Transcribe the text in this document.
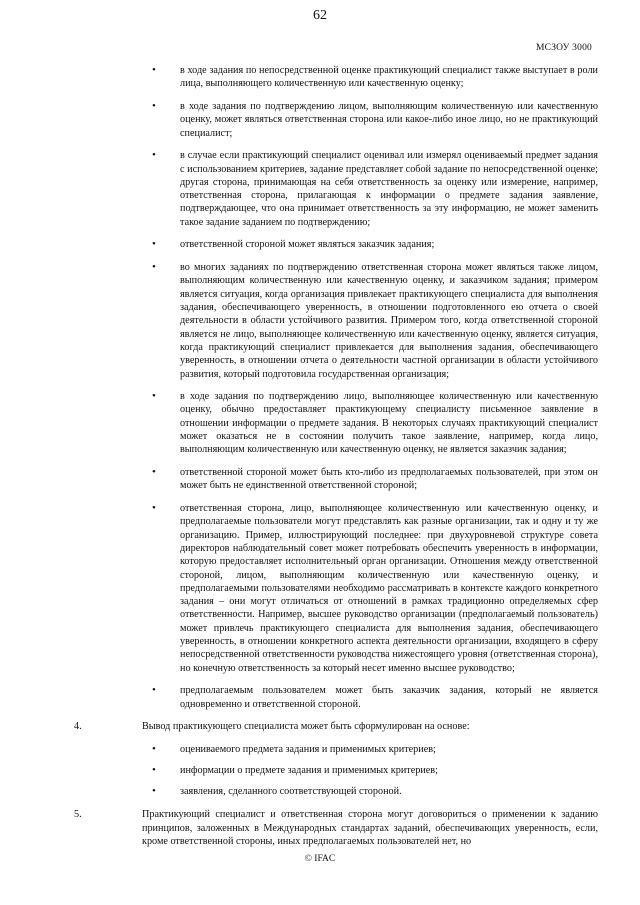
62
МСЗОУ 3000
• в ходе задания по непосредственной оценке практикующий специалист также выступает в роли лица, выполняющего количественную или качественную оценку;
• в ходе задания по подтверждению лицом, выполняющим количественную или качественную оценку, может являться ответственная сторона или какое-либо иное лицо, но не практикующий специалист;
• в случае если практикующий специалист оценивал или измерял оцениваемый предмет задания с использованием критериев, задание представляет собой задание по непосредственной оценке; другая сторона, принимающая на себя ответственность за оценку или измерение, например, ответственная сторона, прилагающая к информации о предмете задания заявление, подтверждающее, что она принимает ответственность за эту информацию, не может заменить такое задание заданием по подтверждению;
• ответственной стороной может являться заказчик задания;
• во многих заданиях по подтверждению ответственная сторона может являться также лицом, выполняющим количественную или качественную оценку, и заказчиком задания; примером является ситуация, когда организация привлекает практикующего специалиста для выполнения задания, обеспечивающего уверенность, в отношении подготовленного ею отчета о своей деятельности в области устойчивого развития. Примером того, когда ответственной стороной является не лицо, выполняющее количественную или качественную оценку, является ситуация, когда практикующий специалист привлекается для выполнения задания, обеспечивающего уверенность, в отношении отчета о деятельности частной организации в области устойчивого развития, который подготовила государственная организация;
• в ходе задания по подтверждению лицо, выполняющее количественную или качественную оценку, обычно предоставляет практикующему специалисту письменное заявление в отношении информации о предмете задания. В некоторых случаях практикующий специалист может оказаться не в состоянии получить такое заявление, например, когда лицо, выполняющим количественную или качественную оценку, не является заказчик задания;
• ответственной стороной может быть кто-либо из предполагаемых пользователей, при этом он может быть не единственной ответственной стороной;
• ответственная сторона, лицо, выполняющее количественную или качественную оценку, и предполагаемые пользователи могут представлять как разные организации, так и одну и ту же организацию. Пример, иллюстрирующий последнее: при двухуровневой структуре совета директоров наблюдательный совет может потребовать обеспечить уверенность в информации, которую предоставляет исполнительный орган организации. Отношения между ответственной стороной, лицом, выполняющим количественную или качественную оценку, и предполагаемыми пользователями необходимо рассматривать в контексте каждого конкретного задания – они могут отличаться от отношений в рамках традиционно определяемых сфер ответственности. Например, высшее руководство организации (предполагаемый пользователь) может привлечь практикующего специалиста для выполнения задания, обеспечивающего уверенность, в отношении конкретного аспекта деятельности организации, входящего в сферу непосредственной ответственности руководства нижестоящего уровня (ответственная сторона), но конечную ответственность за который несет именно высшее руководство;
• предполагаемым пользователем может быть заказчик задания, который не является одновременно и ответственной стороной.
4.	Вывод практикующего специалиста может быть сформулирован на основе:
• оцениваемого предмета задания и применимых критериев;
• информации о предмете задания и применимых критериев;
• заявления, сделанного соответствующей стороной.
5.	Практикующий специалист и ответственная сторона могут договориться о применении к заданию принципов, заложенных в Международных стандартах заданий, обеспечивающих уверенность, если, кроме ответственной стороны, иных предполагаемых пользователей нет, но
© IFAC
